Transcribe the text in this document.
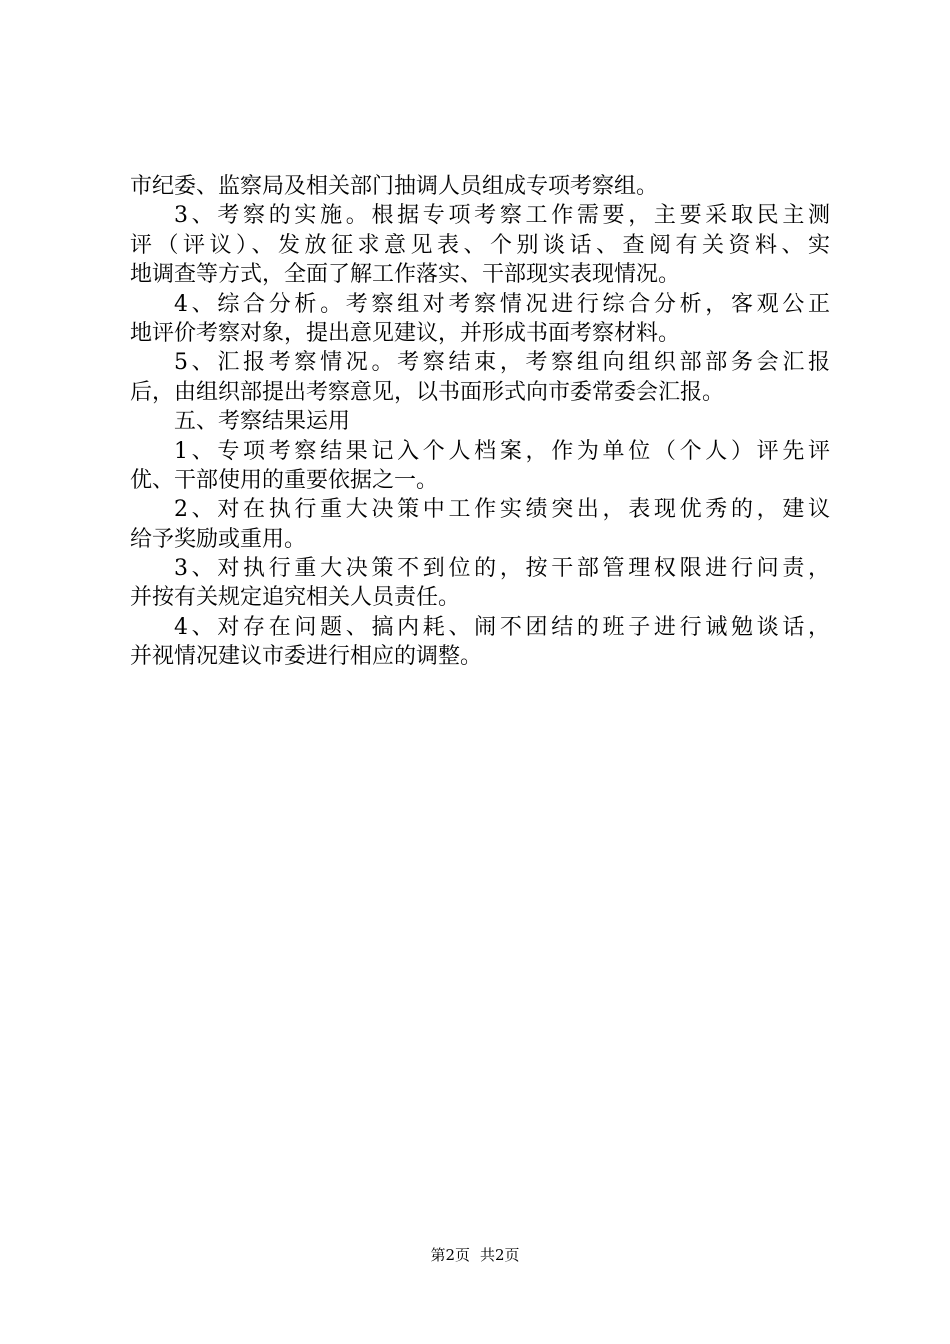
市纪委、监察局及相关部门抽调人员组成专项考察组。
3、考察的实施。根据专项考察工作需要，主要采取民主测
评（评议）、发放征求意见表、个别谈话、查阅有关资料、实
地调查等方式，全面了解工作落实、干部现实表现情况。
4、综合分析。考察组对考察情况进行综合分析，客观公正
地评价考察对象，提出意见建议，并形成书面考察材料。
5、汇报考察情况。考察结束，考察组向组织部部务会汇报
后，由组织部提出考察意见，以书面形式向市委常委会汇报。
五、考察结果运用
1、专项考察结果记入个人档案，作为单位（个人）评先评
优、干部使用的重要依据之一。
2、对在执行重大决策中工作实绩突出，表现优秀的，建议
给予奖励或重用。
3、对执行重大决策不到位的，按干部管理权限进行问责，
并按有关规定追究相关人员责任。
4、对存在问题、搞内耗、闹不团结的班子进行诫勉谈话，
并视情况建议市委进行相应的调整。
第2页 共2页
